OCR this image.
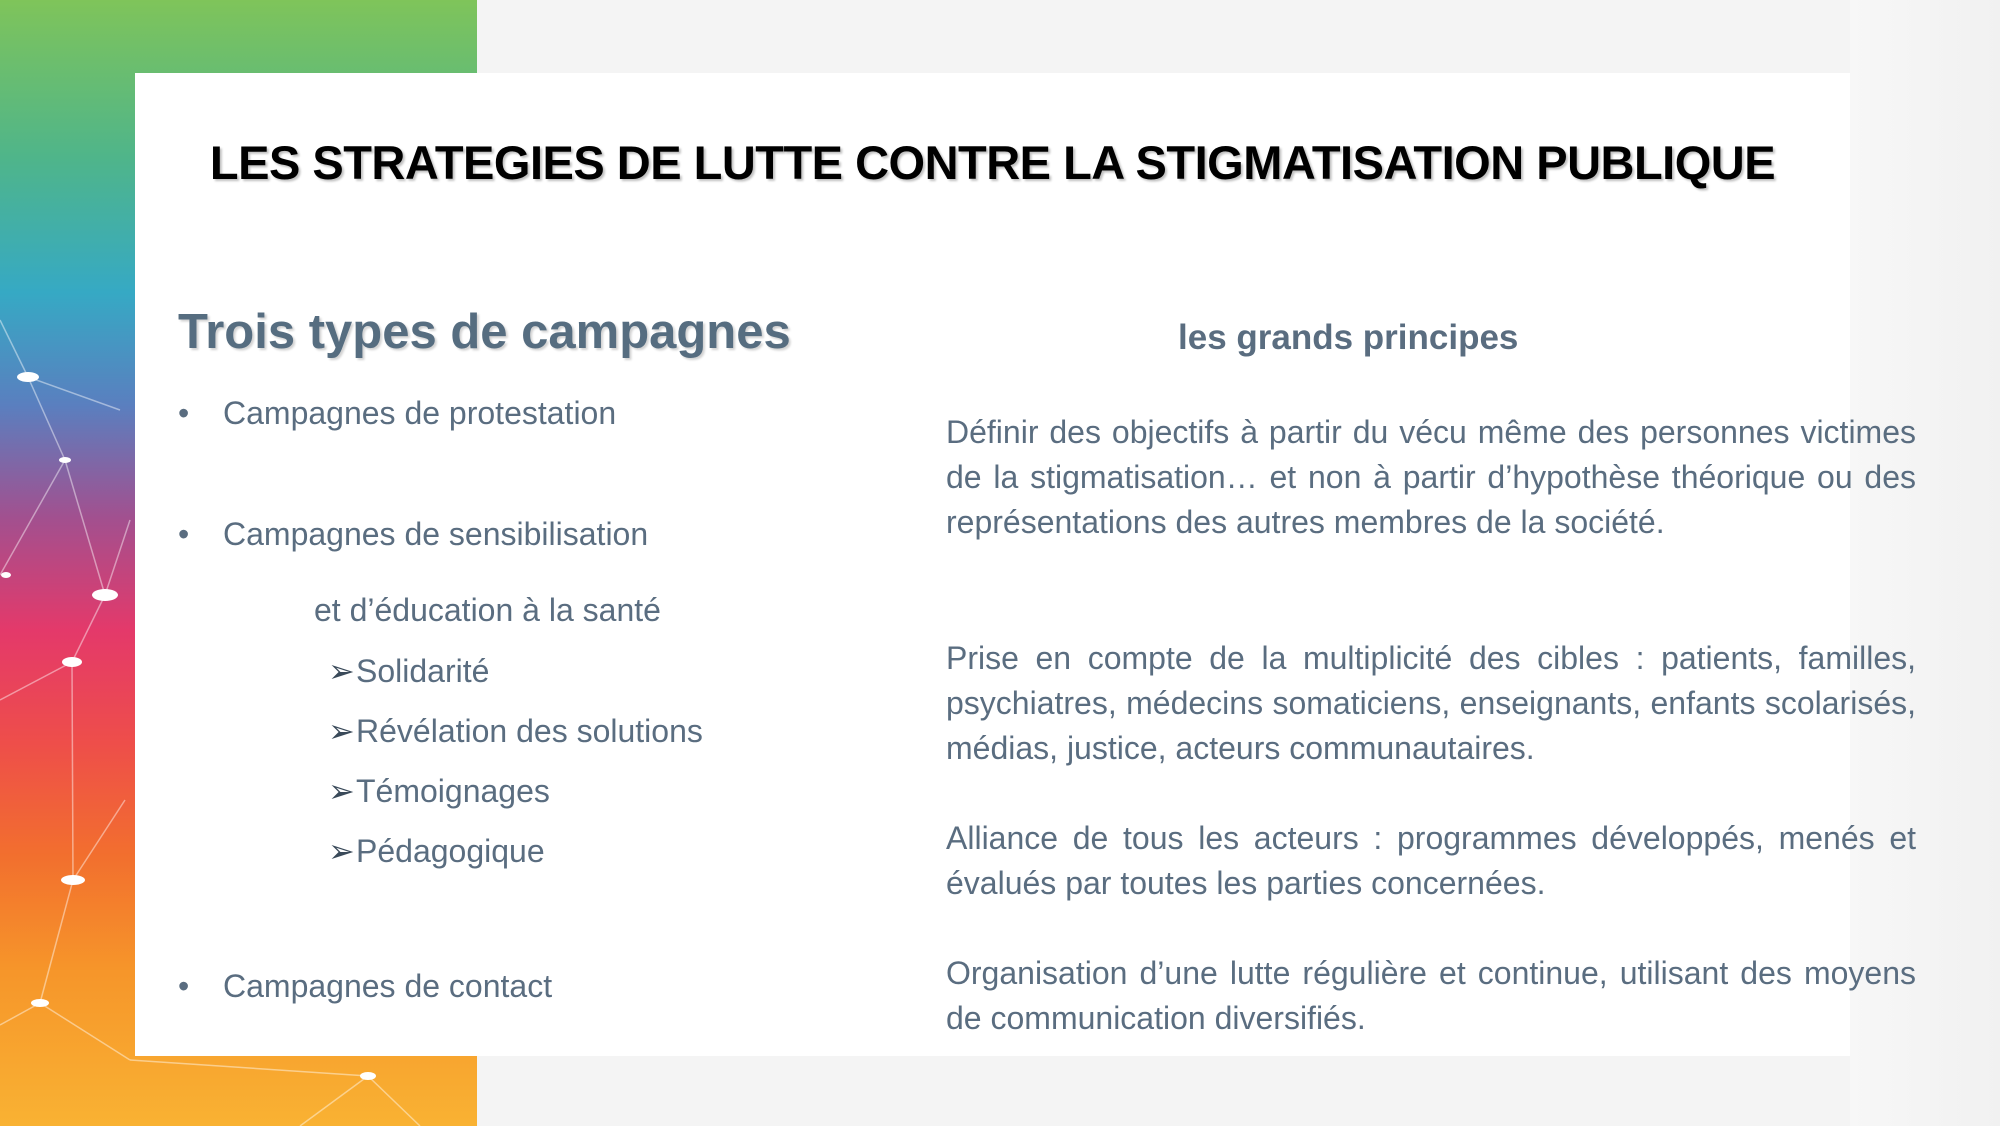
LES STRATEGIES DE LUTTE CONTRE LA STIGMATISATION PUBLIQUE
Trois types de campagnes
• Campagnes de protestation
• Campagnes de sensibilisation
et d’éducation à la santé
➢Solidarité
➢Révélation des solutions
➢Témoignages
➢Pédagogique
• Campagnes de contact
les grands principes
Définir des objectifs à partir du vécu même des personnes victimes de la stigmatisation… et non à partir d’hypothèse théorique ou des représentations des autres membres de la société.
Prise en compte de la multiplicité des cibles : patients, familles, psychiatres, médecins somaticiens, enseignants, enfants scolarisés, médias, justice, acteurs communautaires.
Alliance de tous les acteurs : programmes développés, menés et évalués par toutes les parties concernées.
Organisation d’une lutte régulière et continue, utilisant des moyens de communication diversifiés.
